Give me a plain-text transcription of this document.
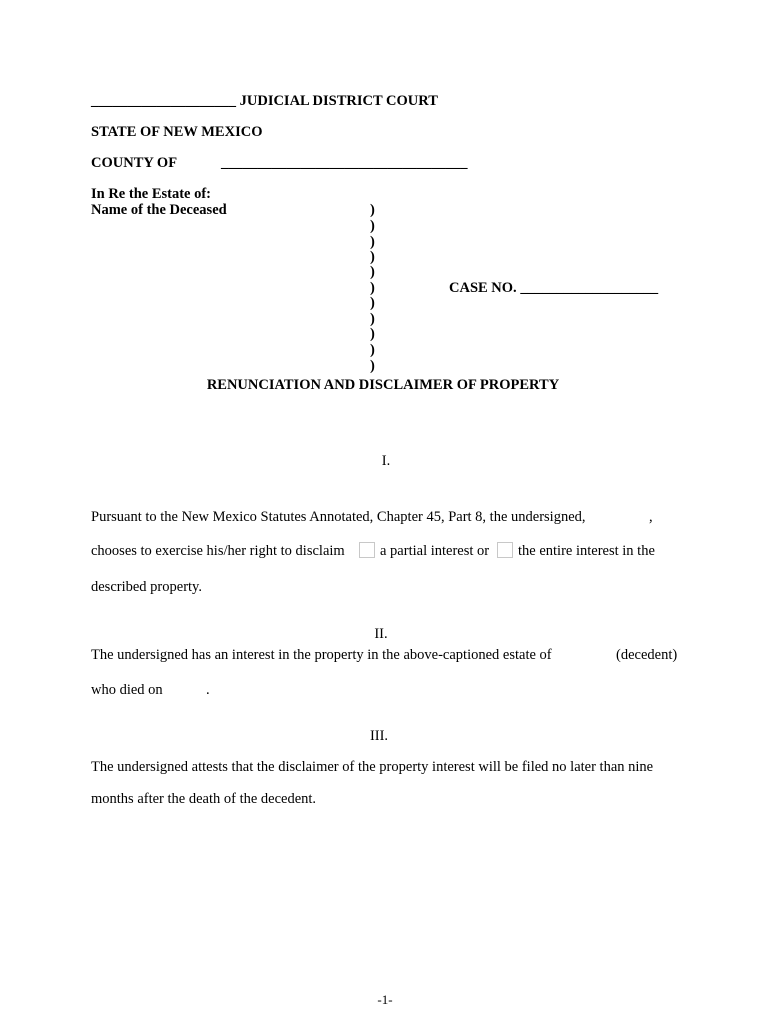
____________________ JUDICIAL DISTRICT COURT
STATE OF NEW MEXICO
COUNTY OF	__________________________________
In Re the Estate of:
Name of the Deceased	)
)
)
)
)
)
)
)
)
)
)
CASE NO. ___________________
RENUNCIATION AND DISCLAIMER OF PROPERTY
I.
Pursuant to the New Mexico Statutes Annotated, Chapter 45, Part 8, the undersigned,	,
chooses to exercise his/her right to disclaim a partial interest or the entire interest in the
described property.
II.
The undersigned has an interest in the property in the above-captioned estate of	(decedent)
who died on	.
III.
The undersigned attests that the disclaimer of the property interest will be filed no later than nine
months after the death of the decedent.
-1-
